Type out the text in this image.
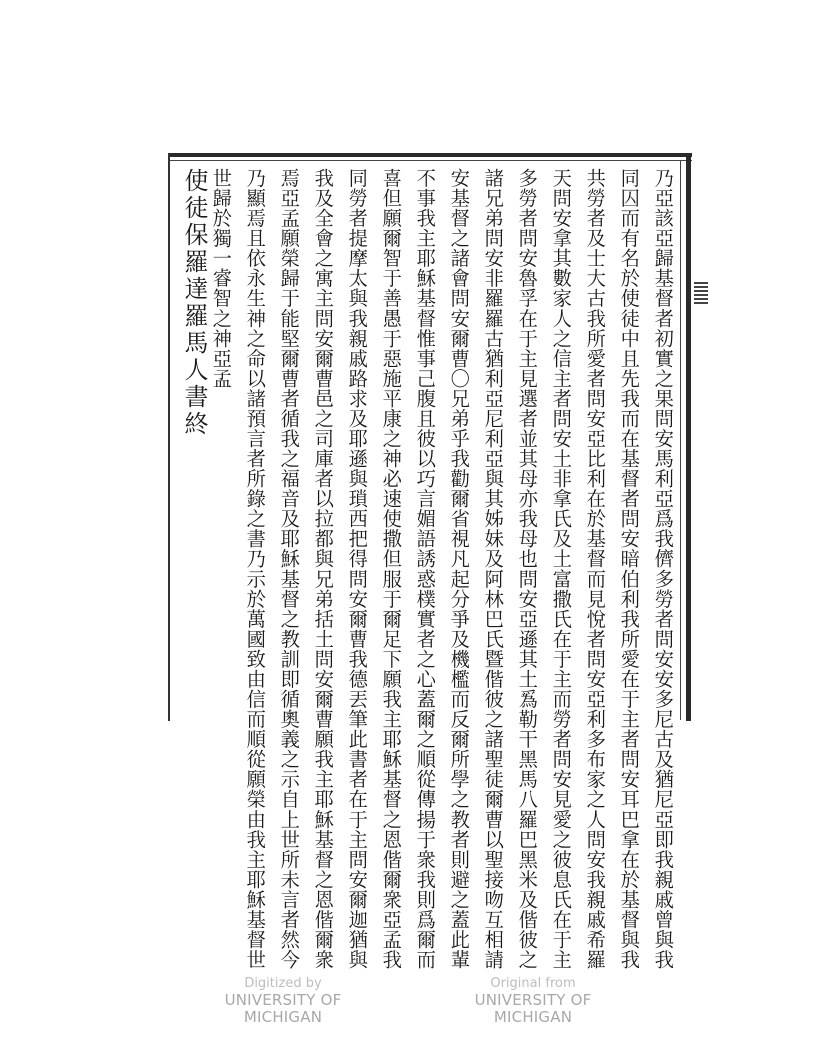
乃亞該亞歸基督者初實之果問安馬利亞爲我儕多勞者問安安多尼古及猶尼亞即我親戚曾與我
同囚而有名於使徒中且先我而在基督者問安暗伯利我所愛在于主者問安耳巴拿在於基督與我
共勞者及士大古我所愛者問安亞比利在於基督而見悅者問安亞利多布家之人問安我親戚希羅
天問安拿其數家人之信主者問安土非拿氏及土富撒氏在于主而勞者問安見愛之彼息氏在于主
多勞者問安魯孚在于主見選者並其母亦我母也問安亞遜其土𤔡勒干黑馬八羅巴黑米及偕彼之
諸兄弟問安非羅羅古猶利亞尼利亞與其姊妹及阿林巴氏暨偕彼之諸聖徒爾曹以聖接吻互相請
安基督之諸會問安爾曹〇兄弟乎我勸爾省視凡起分爭及機檻而反爾所學之教者則避之蓋此輩
不事我主耶穌基督惟事己腹且彼以巧言媚語誘惑樸實者之心蓋爾之順從傳揚于衆我則爲爾而
喜但願爾智于善愚于惡施平康之神必速使撒但服于爾足下願我主耶穌基督之恩偕爾衆亞孟我
同勞者提摩太與我親戚路求及耶遜與瑣西把得問安爾曹我德丟筆此書者在于主問安爾迦猶與
我及全會之寓主問安爾曹邑之司庫者以拉都與兄弟括土問安爾曹願我主耶穌基督之恩偕爾衆
焉亞孟願榮歸于能堅爾曹者循我之福音及耶穌基督之教訓即循奧義之示自上世所未言者然今
乃顯焉且依永生神之命以諸預言者所錄之書乃示於萬國致由信而順從願榮由我主耶穌基督世
世歸於獨一睿智之神亞孟
使徒保羅達羅馬人書終
Digitized by
UNIVERSITY OF MICHIGAN
Original from
UNIVERSITY OF MICHIGAN
